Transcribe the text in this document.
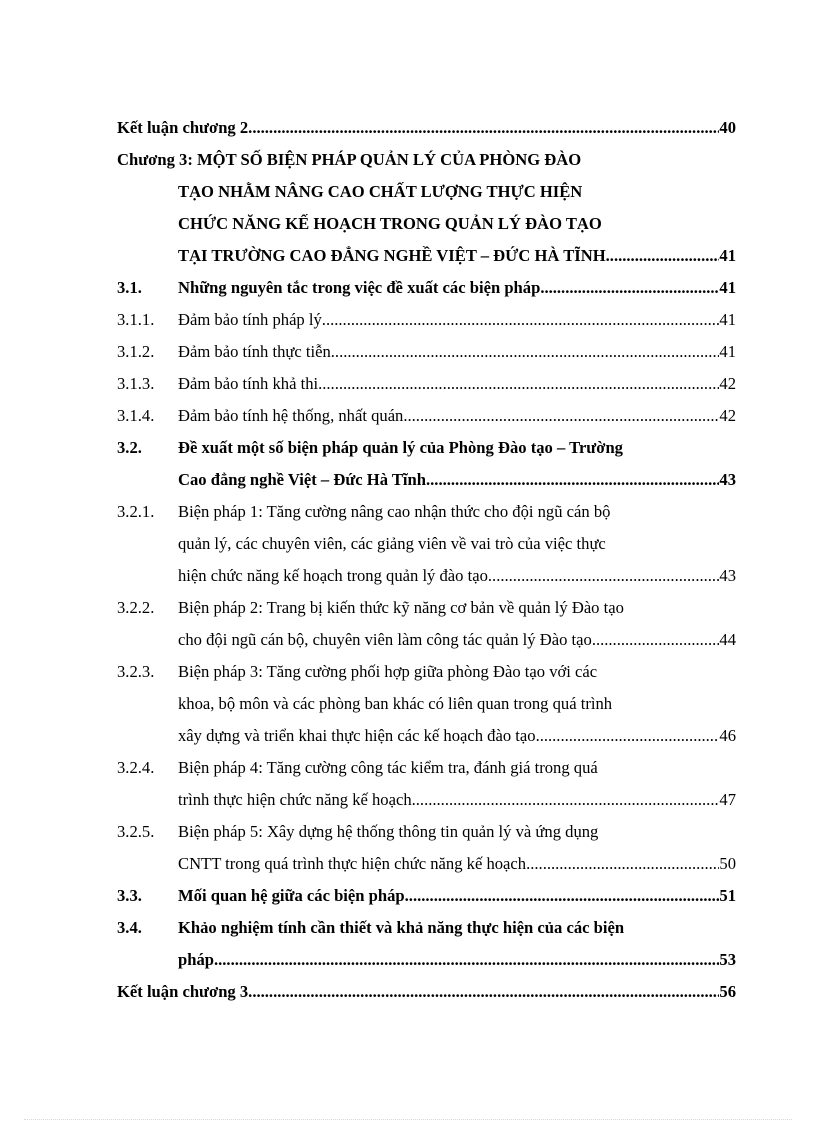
Kết luận chương 2 .....	40
Chương 3: MỘT SỐ BIỆN PHÁP QUẢN LÝ CỦA PHÒNG ĐÀO
TẠO NHẰM NÂNG CAO CHẤT LƯỢNG THỰC HIỆN
CHỨC NĂNG KẾ HOẠCH TRONG QUẢN LÝ ĐÀO TẠO
TẠI TRƯỜNG CAO ĐẲNG NGHỀ VIỆT – ĐỨC HÀ TĨNH .....	41
3.1.	Những nguyên tắc trong việc đề xuất các biện pháp .....	41
3.1.1.	Đảm bảo tính pháp lý .....	41
3.1.2.	Đảm bảo tính thực tiễn .....	41
3.1.3.	Đảm bảo tính khả thi .....	42
3.1.4.	Đảm bảo tính hệ thống, nhất quán .....	42
3.2.	Đề xuất một số biện pháp quản lý của Phòng Đào tạo – Trường
Cao đẳng nghề Việt – Đức Hà Tĩnh. .....	43
3.2.1.	Biện pháp 1: Tăng cường nâng cao nhận thức cho đội ngũ cán bộ
quản lý, các chuyên viên, các giảng viên về vai trò của việc thực
hiện chức năng kế hoạch trong quản lý đào tạo .....	43
3.2.2.	Biện pháp 2: Trang bị kiến thức kỹ năng cơ bản về quản lý Đào tạo
cho đội ngũ cán bộ, chuyên viên làm công tác quản lý Đào tạo .....	44
3.2.3.	Biện pháp 3: Tăng cường phối hợp giữa phòng Đào tạo với các
khoa, bộ môn và các phòng ban khác có liên quan trong quá trình
xây dựng và triển khai thực hiện các kế hoạch đào tạo .....	46
3.2.4.	Biện pháp 4: Tăng cường công tác kiểm tra, đánh giá trong quá
trình thực hiện chức năng kế hoạch. .....	47
3.2.5.	Biện pháp 5: Xây dựng hệ thống thông tin quản lý và ứng dụng
CNTT trong quá trình thực hiện chức năng kế hoạch .....	50
3.3.	Mối quan hệ giữa các biện pháp .....	51
3.4.	Khảo nghiệm tính cần thiết và khả năng thực hiện của các biện
pháp .....	53
Kết luận chương 3 .....	56
